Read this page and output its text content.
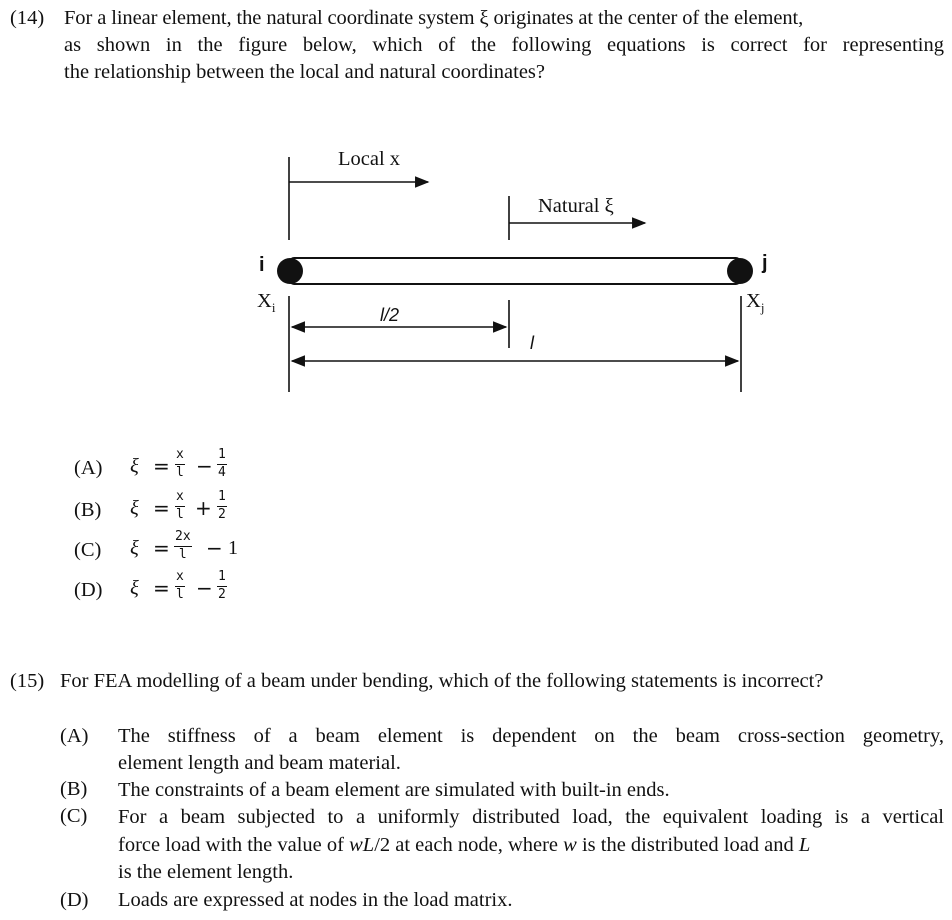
(14) For a linear element, the natural coordinate system ξ originates at the center of the element,
as shown in the figure below, which of the following equations is correct for representing
the relationship between the local and natural coordinates?
Local x
Natural ξ
i	j
$X_i$	$X_j$
l/2
l
(A) ξ = x
l − 1
4
(B) ξ = x
l + 1
2
(C) ξ = 2x
l − 1
(D) ξ = x
l − 1
2
(15) For FEA modelling of a beam under bending, which of the following statements is incorrect?
(A) The stiffness of a beam element is dependent on the beam cross-section geometry,
element length and beam material.
(B) The constraints of a beam element are simulated with built-in ends.
(C) For a beam subjected to a uniformly distributed load, the equivalent loading is a vertical
force load with the value of wL/2 at each node, where w is the distributed load and L
is the element length.
(D) Loads are expressed at nodes in the load matrix.
